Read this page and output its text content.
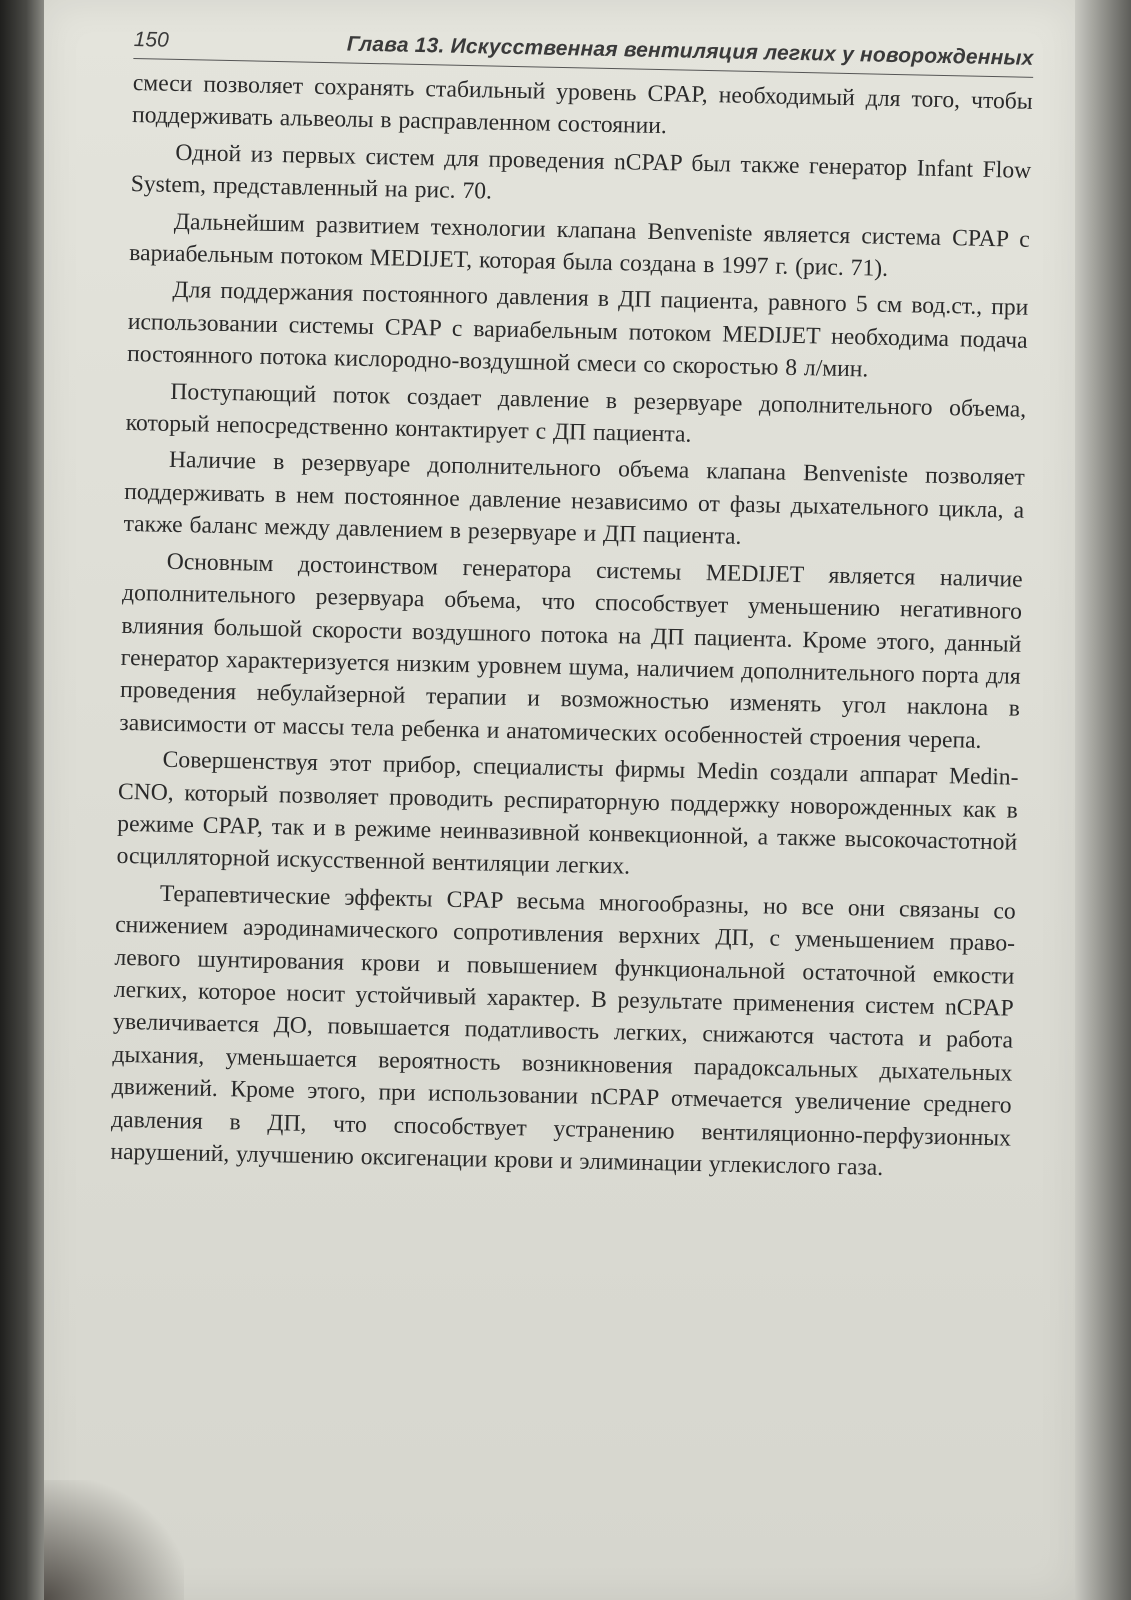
150	Глава 13. Искусственная вентиляция легких у новорожденных

смеси позволяет сохранять стабильный уровень CPAP, необходимый для того, чтобы поддерживать альвеолы в расправленном состоянии.

Одной из первых систем для проведения nCPAP был также генератор Infant Flow System, представленный на рис. 70.

Дальнейшим развитием технологии клапана Benveniste является система CPAP с вариабельным потоком MEDIJET, которая была создана в 1997 г. (рис. 71).

Для поддержания постоянного давления в ДП пациента, равного 5 см вод.ст., при использовании системы CPAP с вариабельным потоком MEDIJET необходима подача постоянного потока кислородно-воздушной смеси со скоростью 8 л/мин.

Поступающий поток создает давление в резервуаре дополнительного объема, который непосредственно контактирует с ДП пациента.

Наличие в резервуаре дополнительного объема клапана Benveniste позволяет поддерживать в нем постоянное давление независимо от фазы дыхательного цикла, а также баланс между давлением в резервуаре и ДП пациента.

Основным достоинством генератора системы MEDIJET является наличие дополнительного резервуара объема, что способствует уменьшению негативного влияния большой скорости воздушного потока на ДП пациента. Кроме этого, данный генератор характеризуется низким уровнем шума, наличием дополнительного порта для проведения небулайзерной терапии и возможностью изменять угол наклона в зависимости от массы тела ребенка и анатомических особенностей строения черепа.

Совершенствуя этот прибор, специалисты фирмы Medin создали аппарат Medin-CNO, который позволяет проводить респираторную поддержку новорожденных как в режиме CPAP, так и в режиме неинвазивной конвекционной, а также высокочастотной осцилляторной искусственной вентиляции легких.

Терапевтические эффекты CPAP весьма многообразны, но все они связаны со снижением аэродинамического сопротивления верхних ДП, с уменьшением право-левого шунтирования крови и повышением функциональной остаточной емкости легких, которое носит устойчивый характер. В результате применения систем nCPAP увеличивается ДО, повышается податливость легких, снижаются частота и работа дыхания, уменьшается вероятность возникновения парадоксальных дыхательных движений. Кроме этого, при использовании nCPAP отмечается увеличение среднего давления в ДП, что способствует устранению вентиляционно-перфузионных нарушений, улучшению оксигенации крови и элиминации углекислого газа.
